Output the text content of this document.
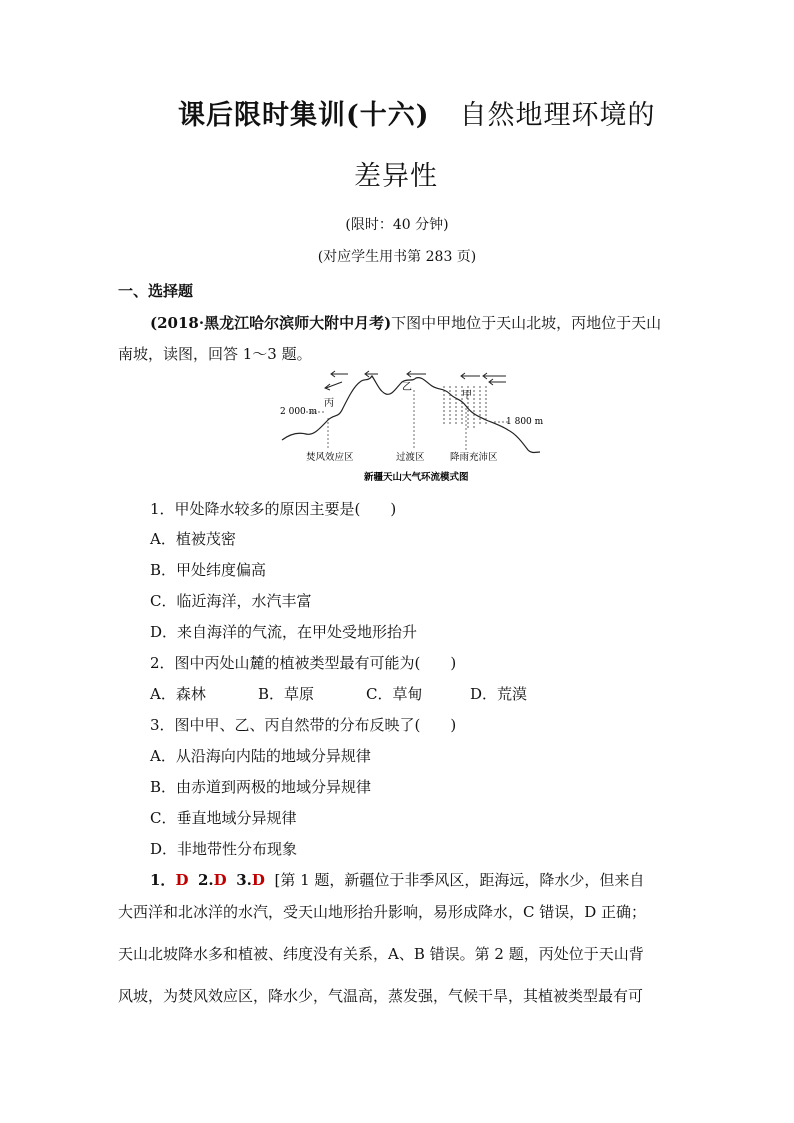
课后限时集训(十六) 自然地理环境的
差异性
(限时：40 分钟)
(对应学生用书第 283 页)
一、选择题
(2018·黑龙江哈尔滨师大附中月考)下图中甲地位于天山北坡，丙地位于天山
南坡，读图，回答 1～3 题。
2 000 m
1 800 m
丙
乙
甲
焚风效应区	过渡区	降雨充沛区
新疆天山大气环流模式图
1．甲处降水较多的原因主要是(　　)
A．植被茂密
B．甲处纬度偏高
C．临近海洋，水汽丰富
D．来自海洋的气流，在甲处受地形抬升
2．图中丙处山麓的植被类型最有可能为(　　)
A．森林	B．草原	C．草甸	D．荒漠
3．图中甲、乙、丙自然带的分布反映了(　　)
A．从沿海向内陆的地域分异规律
B．由赤道到两极的地域分异规律
C．垂直地域分异规律
D．非地带性分布现象
1．D 2.D 3.D [第 1 题，新疆位于非季风区，距海远，降水少，但来自
大西洋和北冰洋的水汽，受天山地形抬升影响，易形成降水，C 错误，D 正确；
天山北坡降水多和植被、纬度没有关系，A、B 错误。第 2 题，丙处位于天山背
风坡，为焚风效应区，降水少，气温高，蒸发强，气候干旱，其植被类型最有可
